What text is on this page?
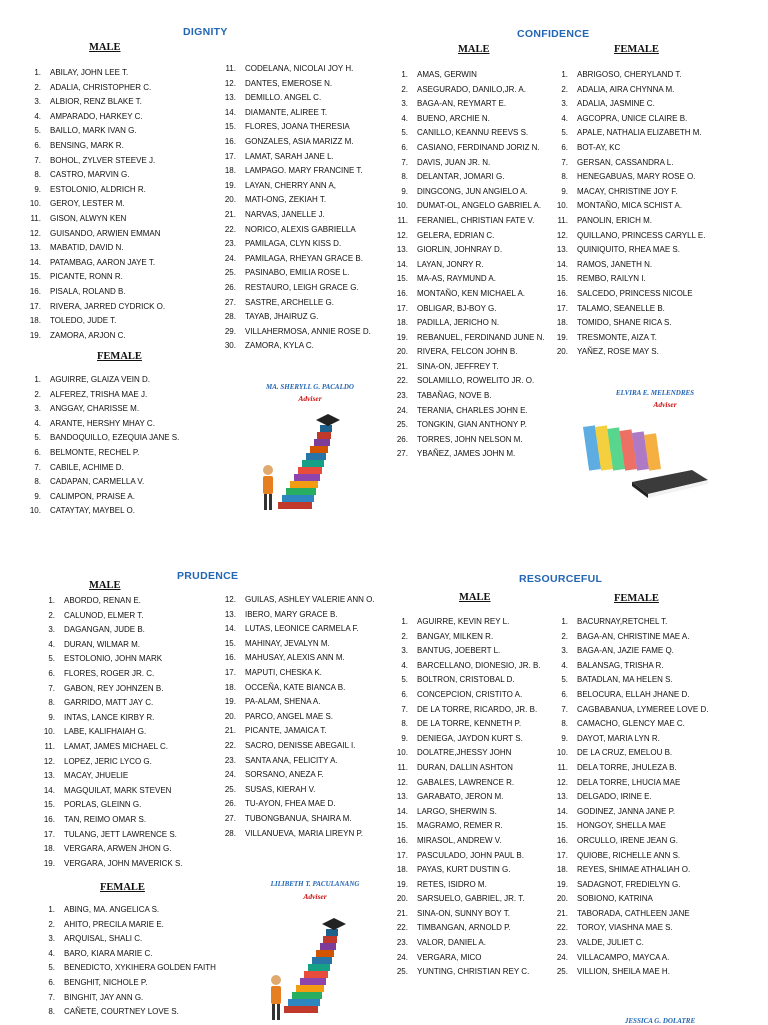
DIGNITY
MALE
1 . ABILAY, JOHN LEE T.
2 . ADALIA, CHRISTOPHER C.
3 . ALBIOR, RENZ BLAKE T.
4 . AMPARADO, HARKEY C.
5 . BAILLO, MARK IVAN G.
6 . BENSING, MARK R.
7 . BOHOL, ZYLVER STEEVE J.
8 . CASTRO, MARVIN G.
9 . ESTOLONIO, ALDRICH R.
10 . GEROY, LESTER M.
11 . GISON, ALWYN KEN
12 . GUISANDO, ARWIEN EMMAN
13 . MABATID, DAVID N.
14 . PATAMBAG, AARON JAYE T.
15 . PICANTE, RONN R.
16 . PISALA, ROLAND B.
17 . RIVERA, JARRED CYDRICK O.
18 . TOLEDO, JUDE T.
19 . ZAMORA, ARJON C.
FEMALE
1 . AGUIRRE, GLAIZA VEIN D.
2 . ALFEREZ, TRISHA MAE J.
3 . ANGGAY, CHARISSE M.
4 . ARANTE, HERSHY MHAY C.
5 . BANDOQUILLO, EZEQUIA JANE S.
6 . BELMONTE, RECHEL P.
7 . CABILE, ACHIME D.
8 . CADAPAN, CARMELLA V.
9 . CALIMPON, PRAISE A.
10 . CATAYTAY, MAYBEL O.
11 . CODELANA, NICOLAI JOY H.
12 . DANTES, EMEROSE N.
13 . DEMILLO. ANGEL C.
14 . DIAMANTE, ALIREE T.
15 . FLORES, JOANA THERESIA
16 . GONZALES, ASIA MARIZZ M.
17 . LAMAT, SARAH JANE L.
18 . LAMPAGO. MARY FRANCINE T.
19 . LAYAN, CHERRY ANN A,
20 . MATI-ONG, ZEKIAH T.
21 . NARVAS, JANELLE J.
22 . NORICO, ALEXIS GABRIELLA
23 . PAMILAGA, CLYN KISS D.
24 . PAMILAGA, RHEYAN GRACE B.
25 . PASINABO, EMILIA ROSE L.
26 . RESTAURO, LEIGH GRACE G.
27 . SASTRE, ARCHELLE G.
28 . TAYAB, JHAIRUZ G.
29 . VILLAHERMOSA, ANNIE ROSE D.
30 . ZAMORA, KYLA C.
MA. SHERYLL G. PACALDO
Adviser
CONFIDENCE
MALE	FEMALE
1 . AMAS, GERWIN
2 . ASEGURADO, DANILO,JR. A.
3 . BAGA-AN, REYMART E.
4 . BUENO, ARCHIE N.
5 . CANILLO, KEANNU REEVS S.
6 . CASIANO, FERDINAND JORIZ N.
7 . DAVIS, JUAN JR. N.
8 . DELANTAR, JOMARI G.
9 . DINGCONG, JUN ANGIELO A.
10 . DUMAT-OL, ANGELO GABRIEL A.
11 . FERANIEL, CHRISTIAN FATE V.
12 . GELERA, EDRIAN C.
13 . GIORLIN, JOHNRAY D.
14 . LAYAN, JONRY R.
15 . MA-AS, RAYMUND A.
16 . MONTAÑO, KEN MICHAEL A.
17 . OBLIGAR, BJ-BOY G.
18 . PADILLA, JERICHO N.
19 . REBANUEL, FERDINAND JUNE N.
20 . RIVERA, FELCON JOHN B.
21 . SINA-ON, JEFFREY T.
22 . SOLAMILLO, ROWELITO JR. O.
23 . TABAÑAG, NOVE B.
24 . TERANIA, CHARLES JOHN E.
25 . TONGKIN, GIAN ANTHONY P.
26 . TORRES, JOHN NELSON M.
27 . YBAÑEZ, JAMES JOHN M.
1 . ABRIGOSO, CHERYLAND T.
2 . ADALIA, AIRA CHYNNA M.
3 . ADALIA, JASMINE C.
4 . AGCOPRA, UNICE CLAIRE B.
5 . APALE, NATHALIA ELIZABETH M.
6 . BOT-AY, KC
7 . GERSAN, CASSANDRA L.
8 . HENEGABUAS, MARY ROSE O.
9 . MACAY, CHRISTINE JOY F.
10 . MONTAÑO, MICA SCHIST A.
11 . PANOLIN, ERICH M.
12 . QUILLANO, PRINCESS CARYLL E.
13 . QUINIQUITO, RHEA MAE S.
14 . RAMOS, JANETH N.
15 . REMBO, RAILYN I.
16 . SALCEDO, PRINCESS NICOLE
17 . TALAMO, SEANELLE B.
18 . TOMIDO, SHANE RICA S.
19 . TRESMONTE, AIZA T.
20 . YAÑEZ, ROSE MAY S.
ELVIRA E. MELENDRES
Adviser
PRUDENCE
MALE
1 . ABORDO, RENAN E.
2 . CALUNOD, ELMER T.
3 . DAGANGAN, JUDE B.
4 . DURAN, WILMAR M.
5 . ESTOLONIO, JOHN MARK
6 . FLORES, ROGER JR. C.
7 . GABON, REY JOHNZEN B.
8 . GARRIDO, MATT JAY C.
9 . INTAS, LANCE KIRBY R.
10 . LABE, KALIFHAIAH G.
11 . LAMAT, JAMES MICHAEL C.
12 . LOPEZ, JERIC LYCO G.
13 . MACAY, JHUELIE
14 . MAGQUILAT, MARK STEVEN
15 . PORLAS, GLEINN G.
16 . TAN, REIMO OMAR S.
17 . TULANG, JETT LAWRENCE S.
18 . VERGARA, ARWEN JHON G.
19 . VERGARA, JOHN MAVERICK S.
FEMALE
1 . ABING, MA. ANGELICA S.
2 . AHITO, PRECILA MARIE E.
3 . ARQUISAL, SHALI C.
4 . BARO, KIARA MARIE C.
5 . BENEDICTO, XYKIHERA GOLDEN FAITH
6 . BENGHIT, NICHOLE P.
7 . BINGHIT, JAY ANN G.
8 . CAÑETE, COURTNEY LOVE S.
12 . GUILAS, ASHLEY VALERIE ANN O.
13 . IBERO, MARY GRACE B.
14 . LUTAS, LEONICE CARMELA F.
15 . MAHINAY, JEVALYN M.
16 . MAHUSAY, ALEXIS ANN M.
17 . MAPUTI, CHESKA K.
18 . OCCEÑA, KATE BIANCA B.
19 . PA-ALAM, SHENA A.
20 . PARCO, ANGEL MAE S.
21 . PICANTE, JAMAICA T.
22 . SACRO, DENISSE ABEGAIL I.
23 . SANTA ANA, FELICITY A.
24 . SORSANO, ANEZA F.
25 . SUSAS, KIERAH V.
26 . TU-AYON, FHEA MAE D.
27 . TUBONGBANUA, SHAIRA M.
28 . VILLANUEVA, MARIA LIREYN P.
LILIBETH T. PACULANANG
Adviser
RESOURCEFUL
MALE	FEMALE
1 . AGUIRRE, KEVIN REY L.
2 . BANGAY, MILKEN R.
3 . BANTUG, JOEBERT L.
4 . BARCELLANO, DIONESIO, JR. B.
5 . BOLTRON, CRISTOBAL D.
6 . CONCEPCION, CRISTITO A.
7 . DE LA TORRE, RICARDO, JR. B.
8 . DE LA TORRE, KENNETH P.
9 . DENIEGA, JAYDON KURT S.
10 . DOLATRE,JHESSY JOHN
11 . DURAN, DALLIN ASHTON
12 . GABALES, LAWRENCE R.
13 . GARABATO, JERON M.
14 . LARGO, SHERWIN S.
15 . MAGRAMO, REMER R.
16 . MIRASOL, ANDREW V.
17 . PASCULADO, JOHN PAUL B.
18 . PAYAS, KURT DUSTIN G.
19 . RETES, ISIDRO M.
20 . SARSUELO, GABRIEL, JR. T.
21 . SINA-ON, SUNNY BOY T.
22 . TIMBANGAN, ARNOLD P.
23 . VALOR, DANIEL A.
24 . VERGARA, MICO
25 . YUNTING, CHRISTIAN REY C.
1 . BACURNAY,RETCHEL T.
2 . BAGA-AN, CHRISTINE MAE A.
3 . BAGA-AN, JAZIE FAME Q.
4 . BALANSAG, TRISHA R.
5 . BATADLAN, MA HELEN S.
6 . BELOCURA, ELLAH JHANE D.
7 . CAGBABANUA, LYMEREE LOVE D.
8 . CAMACHO, GLENCY MAE C.
9 . DAYOT, MARIA LYN R.
10 . DE LA CRUZ, EMELOU B.
11 . DELA TORRE, JHULEZA B.
12 . DELA TORRE, LHUCIA MAE
13 . DELGADO, IRINE E.
14 . GODINEZ, JANNA JANE P.
15 . HONGOY, SHELLA MAE
16 . ORCULLO, IRENE JEAN G.
17 . QUIOBE, RICHELLE ANN S.
18 . REYES, SHIMAE ATHALIAH O.
19 . SADAGNOT, FREDIELYN G.
20 . SOBIONO, KATRINA
21 . TABORADA, CATHLEEN JANE
22 . TOROY, VIASHNA MAE S.
23 . VALDE, JULIET C.
24 . VILLACAMPO, MAYCA A.
25 . VILLION, SHEILA MAE H.
JESSICA G. DOLATRE
